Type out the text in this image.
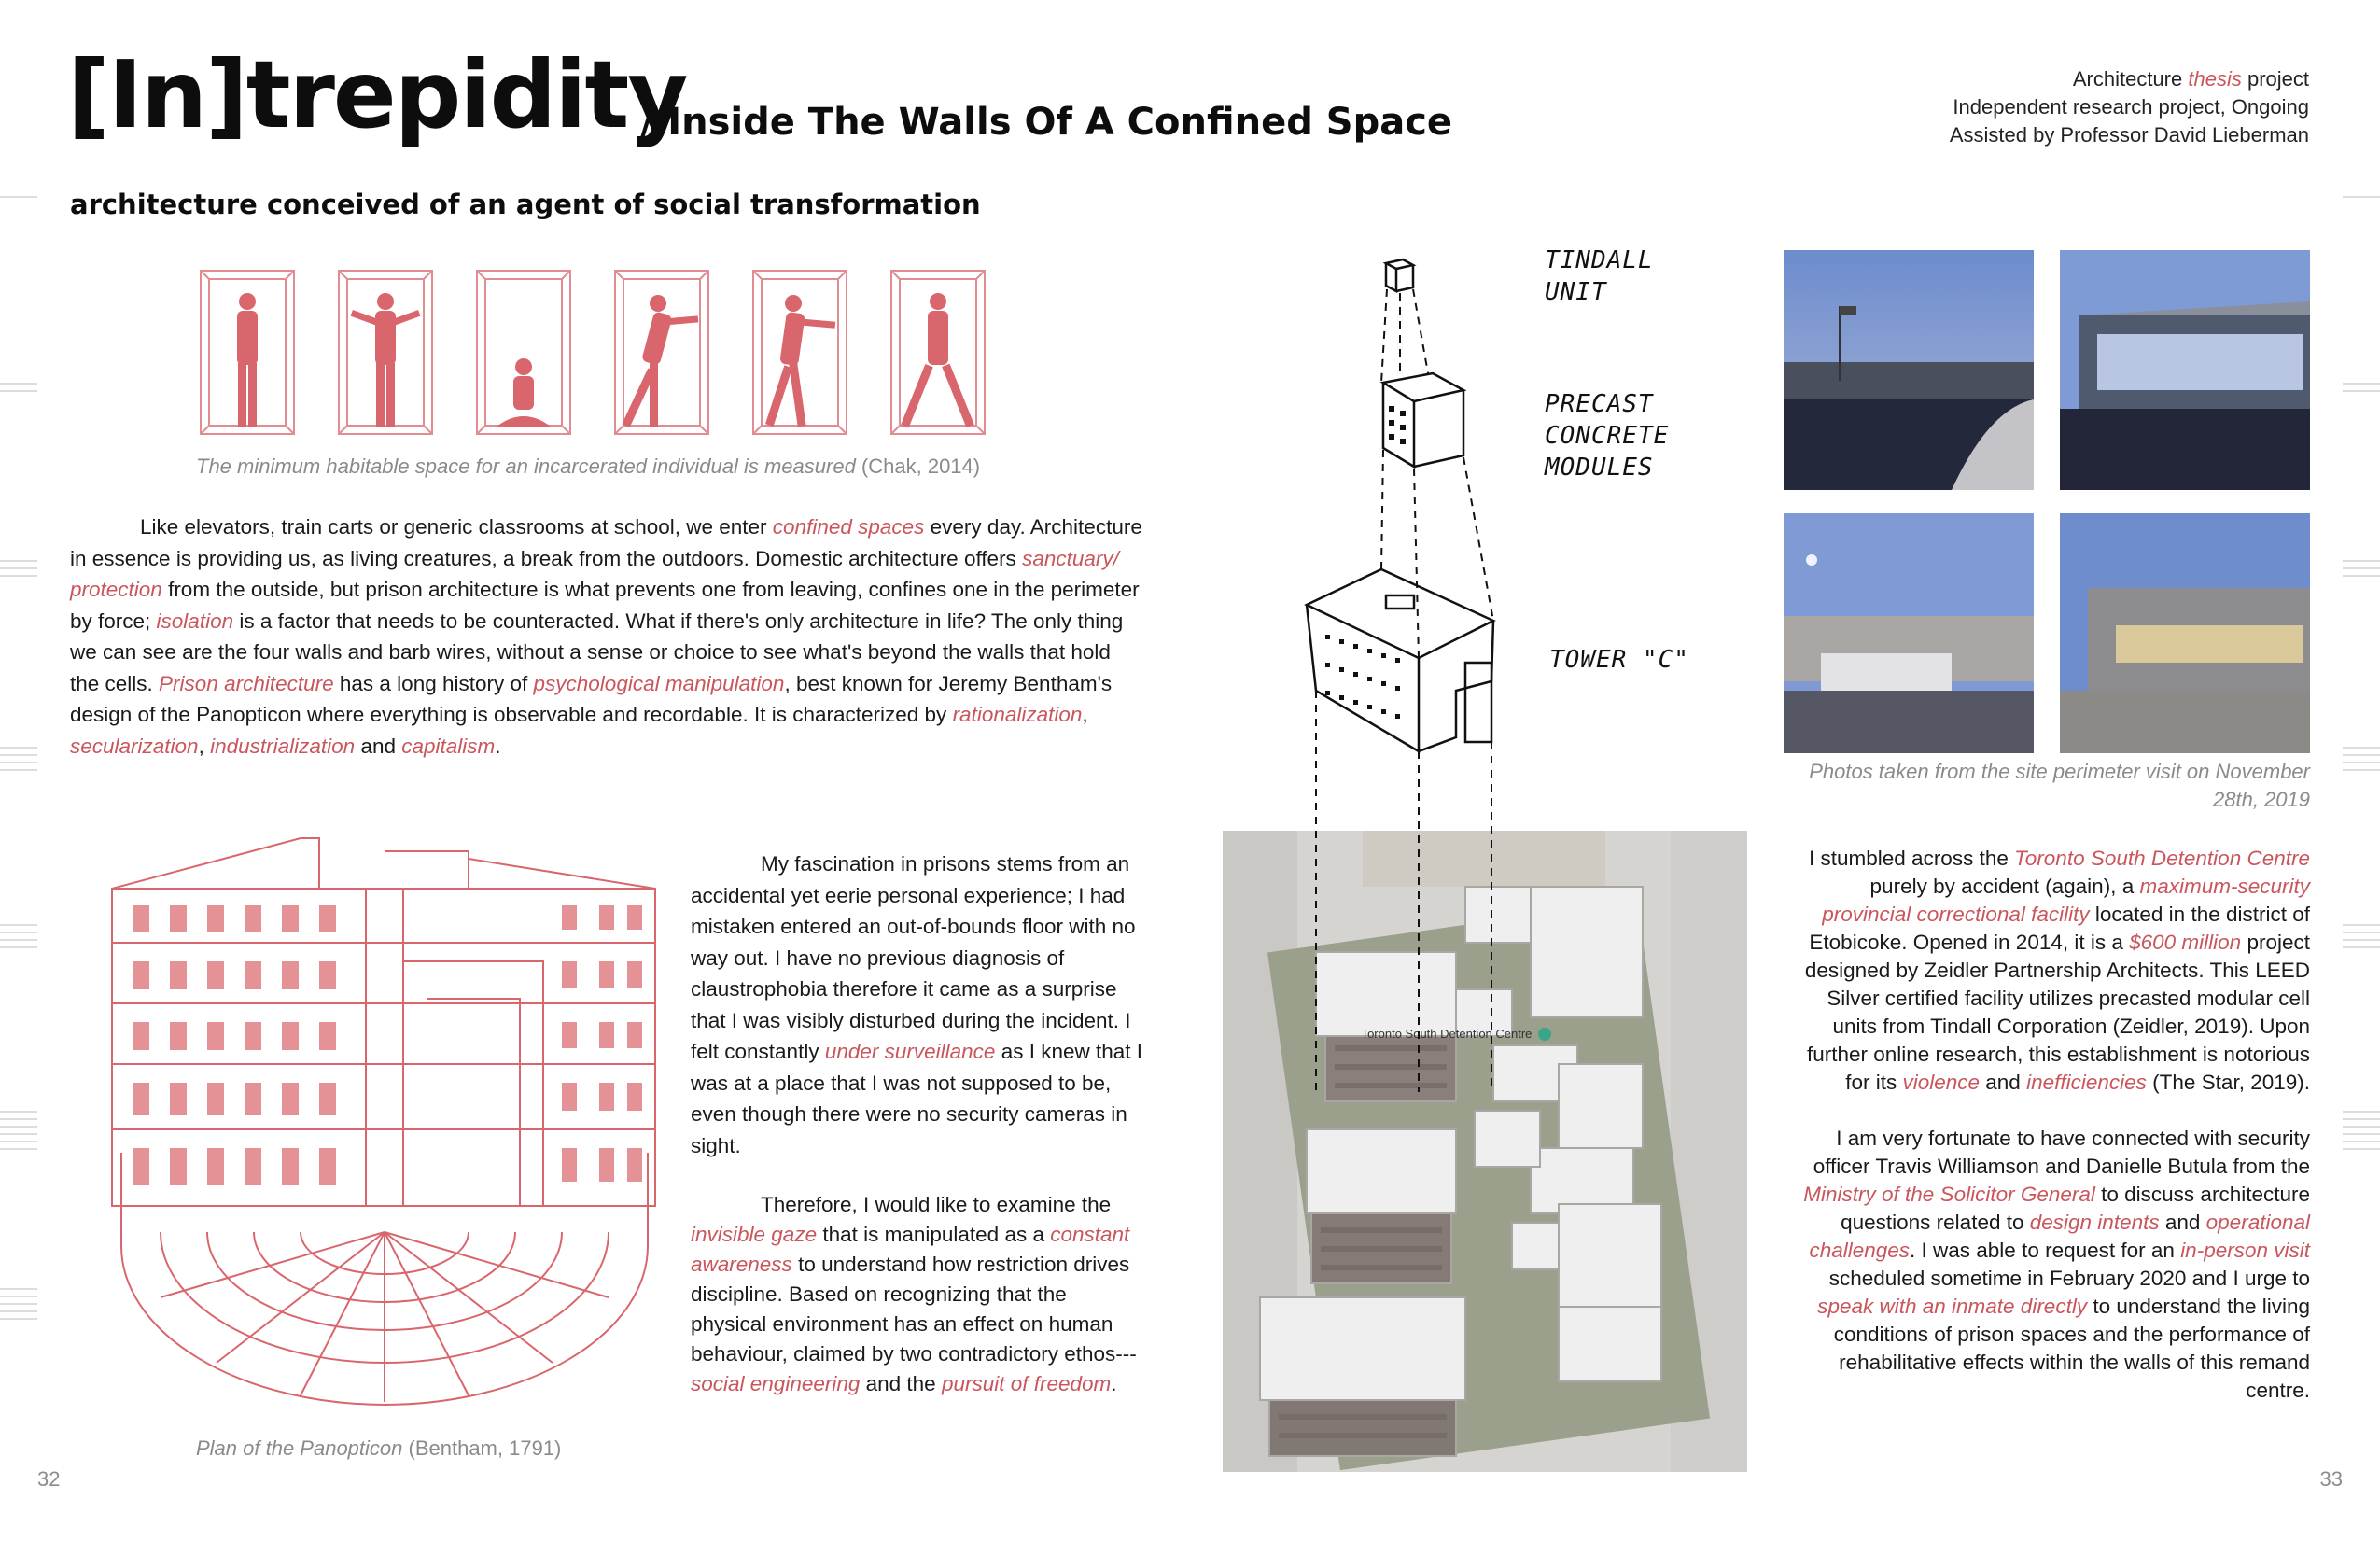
[In]trepidity
//Inside The Walls Of A Confined Space
architecture conceived of an agent of social transformation
Architecture thesis project
Independent research project, Ongoing
Assisted by Professor David Lieberman
The minimum habitable space for an incarcerated individual is measured (Chak, 2014)
Like elevators, train carts or generic classrooms at school, we enter confined spaces every day. Architecture in essence is providing us, as living creatures, a break from the outdoors. Domestic architecture offers sanctuary/ protection from the outside, but prison architecture is what prevents one from leaving, confines one in the perimeter by force; isolation is a factor that needs to be counteracted. What if there's only architecture in life? The only thing we can see are the four walls and barb wires, without a sense or choice to see what's beyond the walls that hold the cells. Prison architecture has a long history of psychological manipulation, best known for Jeremy Bentham's design of the Panopticon where everything is observable and recordable. It is characterized by rationalization, secularization, industrialization and capitalism.
Plan of the Panopticon (Bentham, 1791)
My fascination in prisons stems from an accidental yet eerie personal experience; I had mistaken entered an out-of-bounds floor with no way out. I have no previous diagnosis of claustrophobia therefore it came as a surprise that I was visibly disturbed during the incident. I felt constantly under surveillance as I knew that I was at a place that I was not supposed to be, even though there were no security cameras in sight.
Therefore, I would like to examine the invisible gaze that is manipulated as a constant awareness to understand how restriction drives discipline. Based on recognizing that the physical environment has an effect on human behaviour, claimed by two contradictory ethos---social engineering and the pursuit of freedom.
Toronto South Detention Centre
TINDALL UNIT
PRECAST CONCRETE MODULES
TOWER "C"
Photos taken from the site perimeter visit on November 28th, 2019
I stumbled across the Toronto South Detention Centre purely by accident (again), a maximum-security provincial correctional facility located in the district of Etobicoke. Opened in 2014, it is a $600 million project designed by Zeidler Partnership Architects. This LEED Silver certified facility utilizes precasted modular cell units from Tindall Corporation (Zeidler, 2019). Upon further online research, this establishment is notorious for its violence and inefficiencies (The Star, 2019).
I am very fortunate to have connected with security officer Travis Williamson and Danielle Butula from the Ministry of the Solicitor General to discuss architecture questions related to design intents and operational challenges. I was able to request for an in-person visit scheduled sometime in February 2020 and I urge to speak with an inmate directly to understand the living conditions of prison spaces and the performance of rehabilitative effects within the walls of this remand centre.
32	33
